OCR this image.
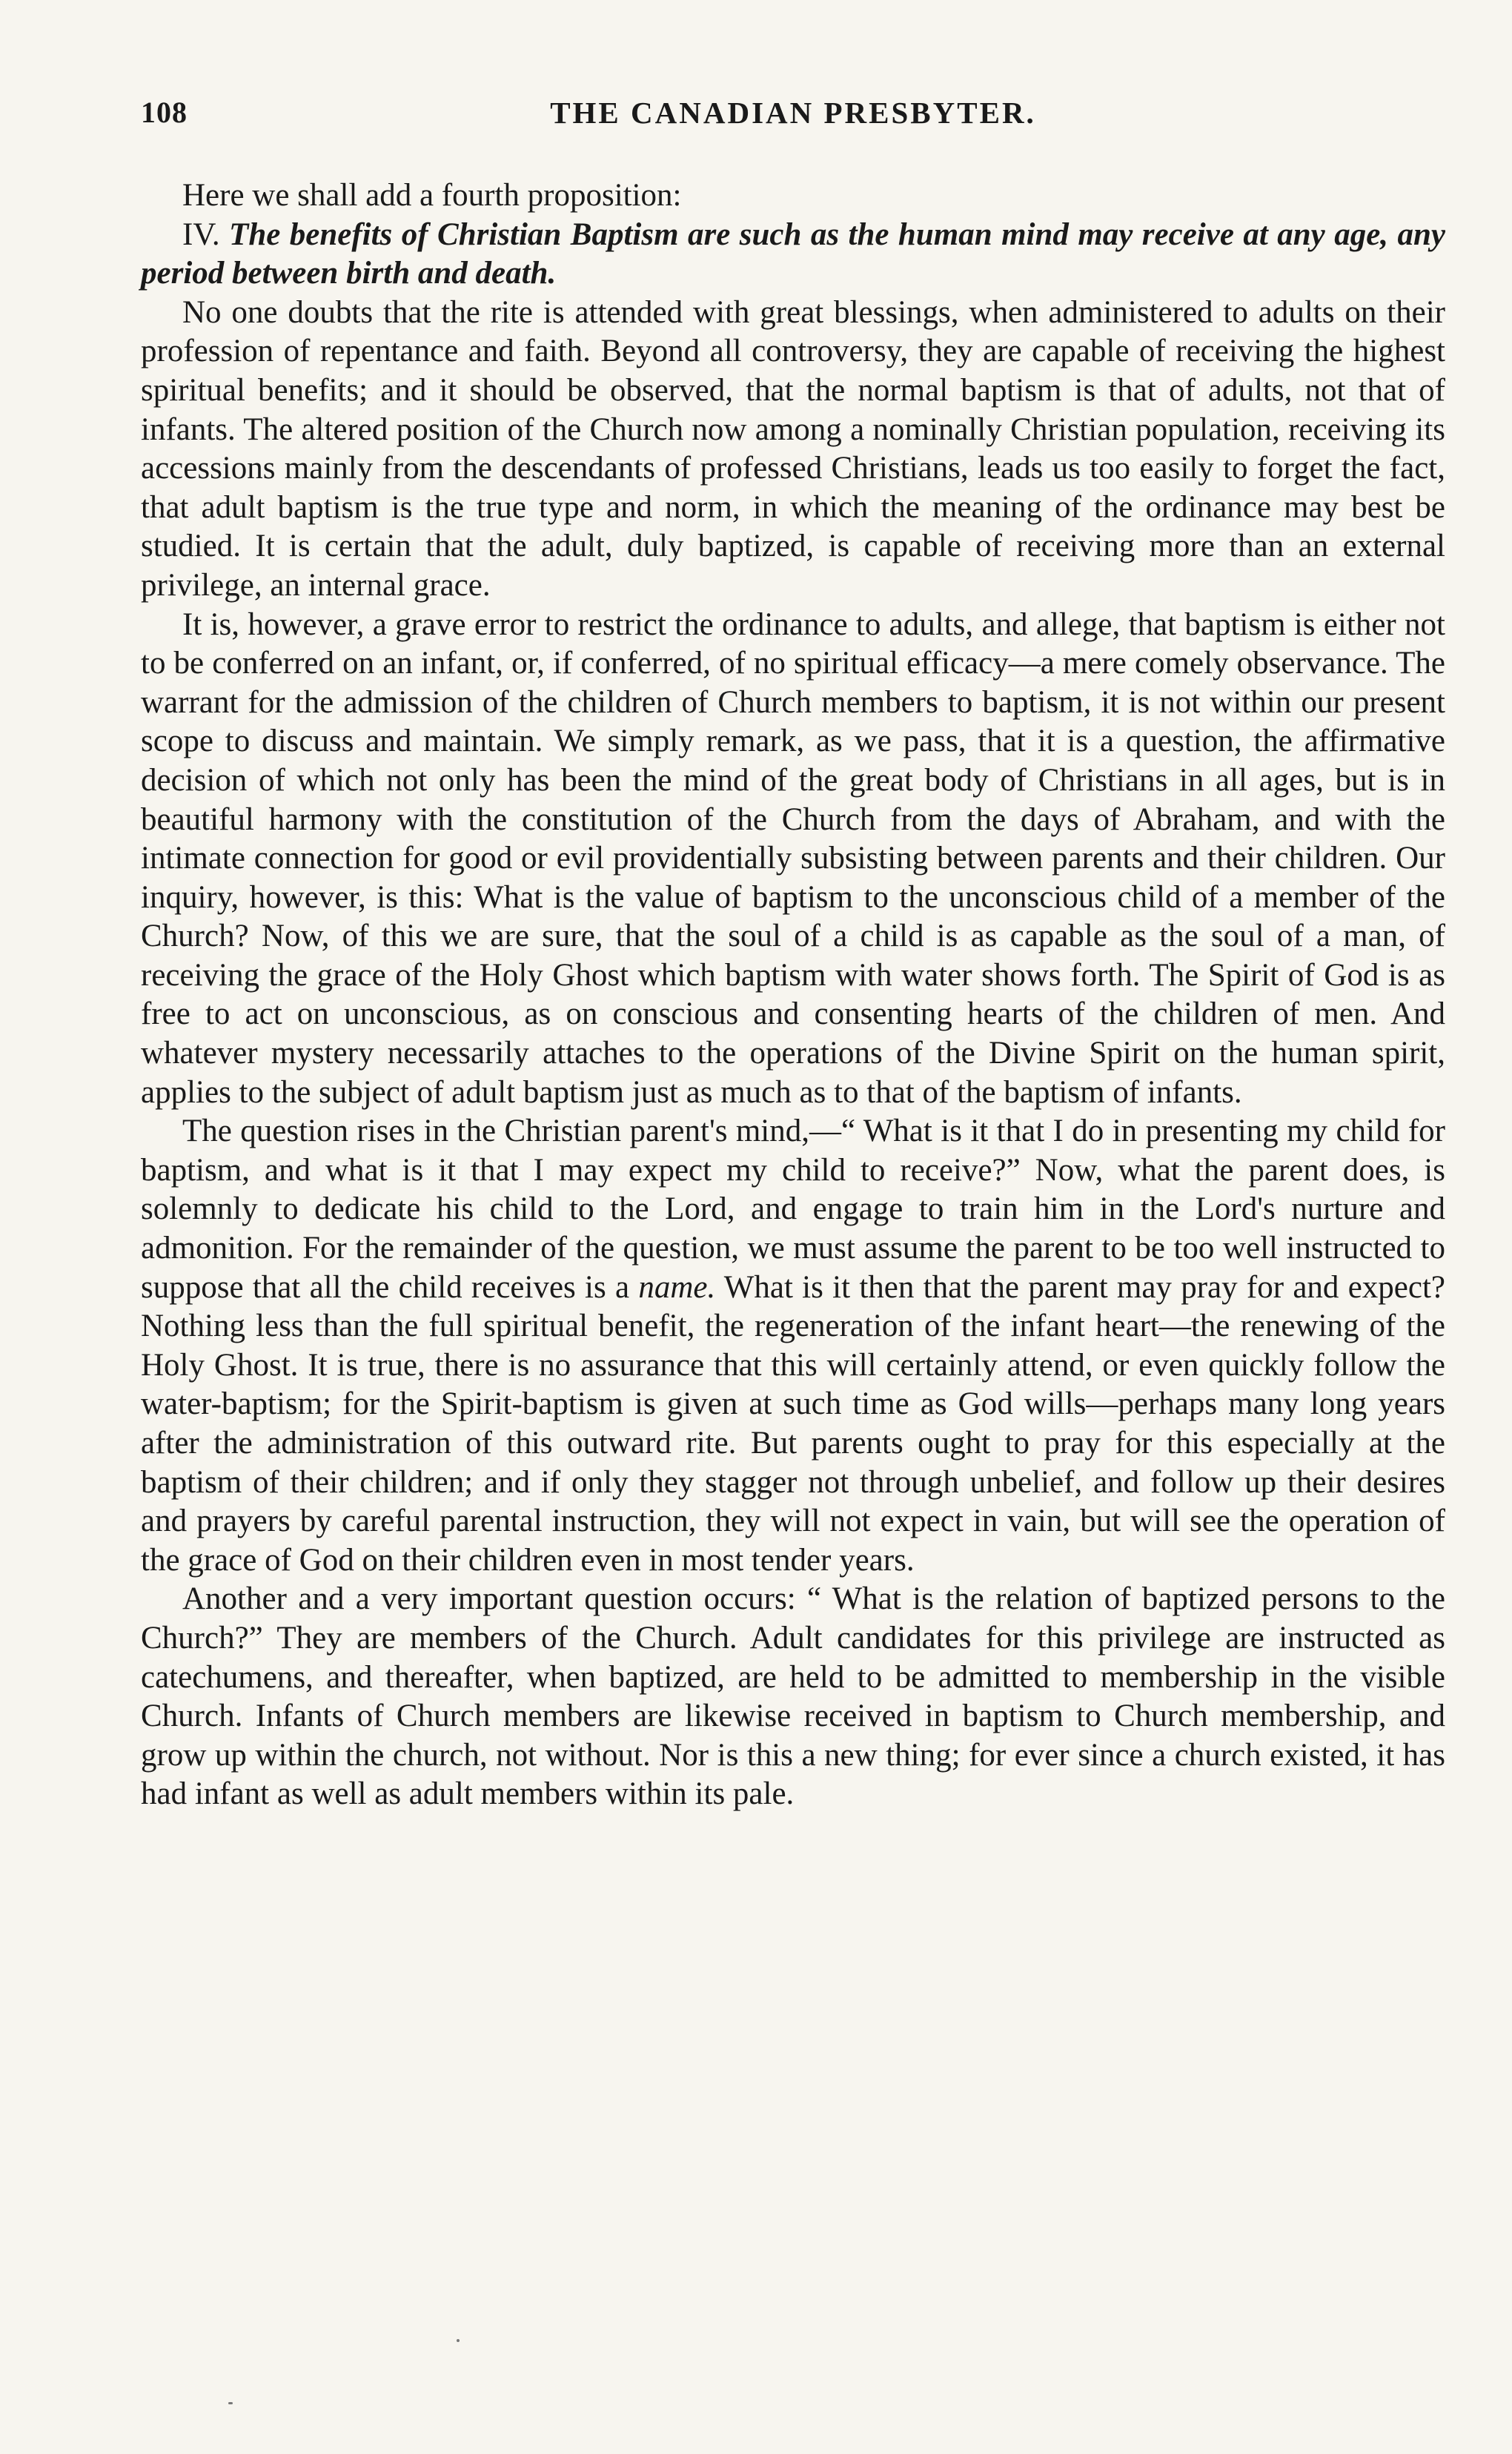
108	THE CANADIAN PRESBYTER.

Here we shall add a fourth proposition:

IV. The benefits of Christian Baptism are such as the human mind may receive at any age, any period between birth and death.

No one doubts that the rite is attended with great blessings, when administered to adults on their profession of repentance and faith. Beyond all controversy, they are capable of receiving the highest spiritual benefits; and it should be observed, that the normal baptism is that of adults, not that of infants. The altered position of the Church now among a nominally Christian population, receiving its accessions mainly from the descendants of professed Christians, leads us too easily to forget the fact, that adult baptism is the true type and norm, in which the meaning of the ordinance may best be studied. It is certain that the adult, duly baptized, is capable of receiving more than an external privilege, an internal grace.

It is, however, a grave error to restrict the ordinance to adults, and allege, that baptism is either not to be conferred on an infant, or, if conferred, of no spiritual efficacy—a mere comely observance. The warrant for the admission of the children of Church members to baptism, it is not within our present scope to discuss and maintain. We simply remark, as we pass, that it is a question, the affirmative decision of which not only has been the mind of the great body of Christians in all ages, but is in beautiful harmony with the constitution of the Church from the days of Abraham, and with the intimate connection for good or evil providentially subsisting between parents and their children. Our inquiry, however, is this: What is the value of baptism to the unconscious child of a member of the Church? Now, of this we are sure, that the soul of a child is as capable as the soul of a man, of receiving the grace of the Holy Ghost which baptism with water shows forth. The Spirit of God is as free to act on unconscious, as on conscious and consenting hearts of the children of men. And whatever mystery necessarily attaches to the operations of the Divine Spirit on the human spirit, applies to the subject of adult baptism just as much as to that of the baptism of infants.

The question rises in the Christian parent's mind,—“ What is it that I do in presenting my child for baptism, and what is it that I may expect my child to receive?” Now, what the parent does, is solemnly to dedicate his child to the Lord, and engage to train him in the Lord's nurture and admonition. For the remainder of the question, we must assume the parent to be too well instructed to suppose that all the child receives is a name. What is it then that the parent may pray for and expect? Nothing less than the full spiritual benefit, the regeneration of the infant heart—the renewing of the Holy Ghost. It is true, there is no assurance that this will certainly attend, or even quickly follow the water-baptism; for the Spirit-baptism is given at such time as God wills—perhaps many long years after the administration of this outward rite. But parents ought to pray for this especially at the baptism of their children; and if only they stagger not through unbelief, and follow up their desires and prayers by careful parental instruction, they will not expect in vain, but will see the operation of the grace of God on their children even in most tender years.

Another and a very important question occurs: “ What is the relation of baptized persons to the Church?” They are members of the Church. Adult candidates for this privilege are instructed as catechumens, and thereafter, when baptized, are held to be admitted to membership in the visible Church. Infants of Church members are likewise received in baptism to Church membership, and grow up within the church, not without. Nor is this a new thing; for ever since a church existed, it has had infant as well as adult members within its pale.
